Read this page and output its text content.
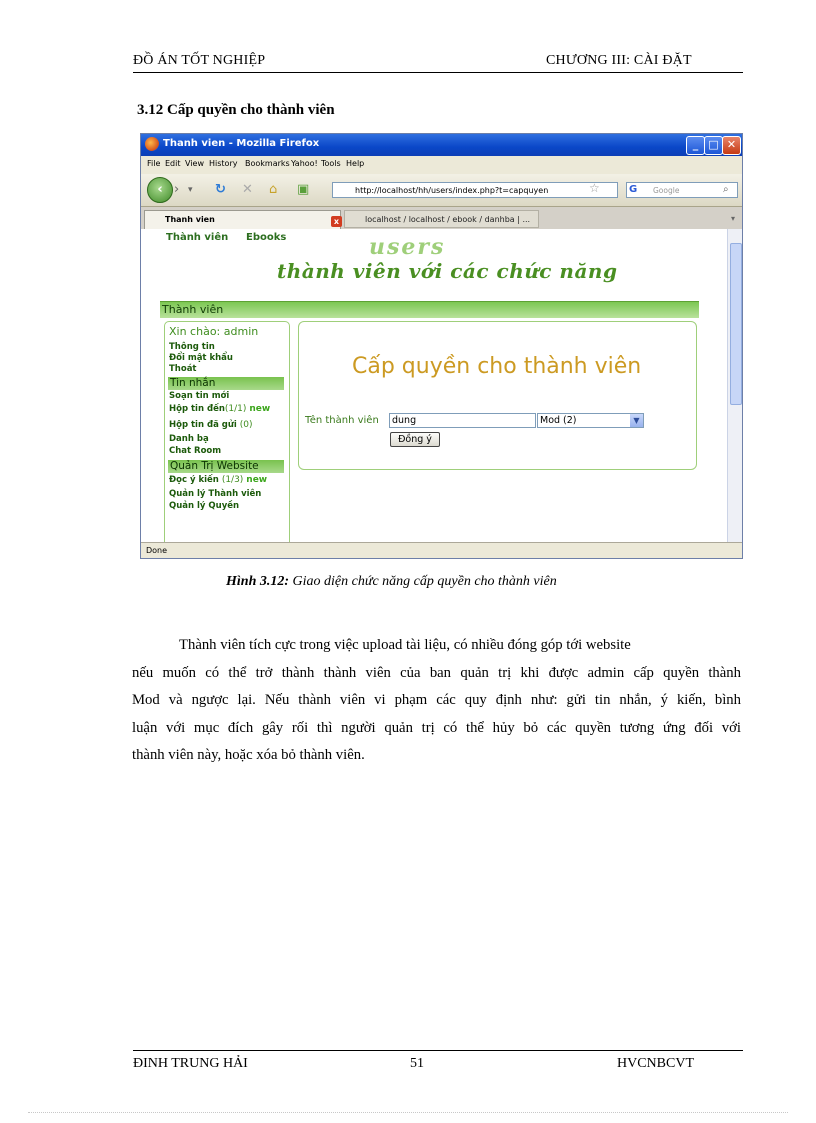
ĐỒ ÁN TỐT NGHIỆP	CHƯƠNG III: CÀI ĐẶT
3.12 Cấp quyền cho thành viên
Thanh vien - Mozilla Firefox	_ □ ✕
File Edit View History Bookmarks Yahoo! Tools Help
‹ › ▾ ↻ ✕ ⌂ ▣	http://localhost/hh/users/index.php?t=capquyen	☆	Google
G	⌕
Thanh vien	x	localhost / localhost / ebook / danhba | ...	▾
Thành viên Ebooks	users
thành viên với các chức năng
Thành viên
Xin chào: admin
Thông tin
Đổi mật khẩu
Thoát
Tin nhắn
Soạn tin mới
Hộp tin đến(1/1) new
Hộp tin đã gửi (0)
Danh bạ
Chat Room
Quản Trị Website
Đọc ý kiến (1/3) new
Quản lý Thành viên
Quản lý Quyền
Cấp quyền cho thành viên
Tên thành viên	dung	Mod (2)	▼
Đồng ý
Done
Hình 3.12: Giao diện chức năng cấp quyền cho thành viên
Thành viên tích cực trong việc upload tài liệu, có nhiều đóng góp tới website
nếu muốn có thể trở thành thành viên của ban quản trị khi được admin cấp quyền thành
Mod và ngược lại. Nếu thành viên vi phạm các quy định như: gửi tin nhắn, ý kiến, bình
luận với mục đích gây rối thì người quản trị có thể hủy bỏ các quyền tương ứng đối với
thành viên này, hoặc xóa bỏ thành viên.
ĐINH TRUNG HẢI	51	HVCNBCVT
